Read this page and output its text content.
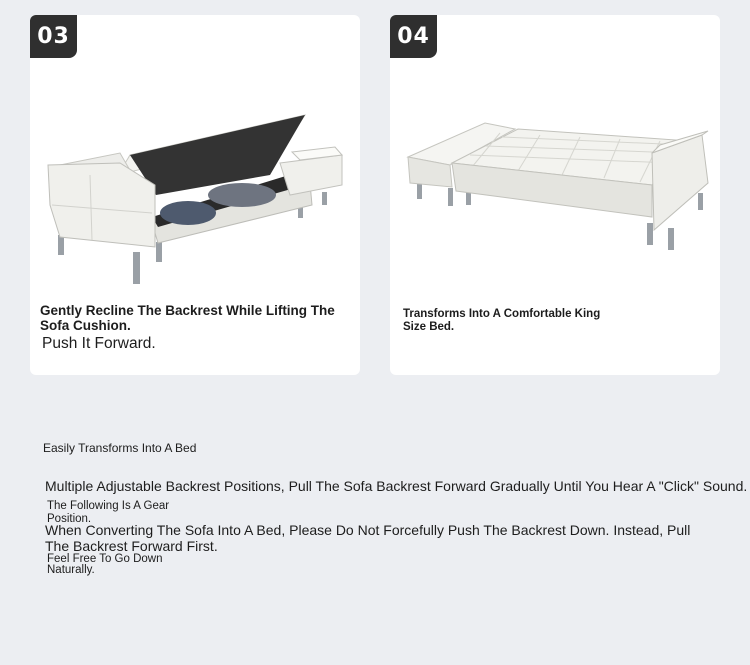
03
Gently Recline The Backrest While Lifting The Sofa Cushion.
Push It Forward.
04
Transforms Into A Comfortable King Size Bed.
Easily Transforms Into A Bed
Multiple Adjustable Backrest Positions, Pull The Sofa Backrest Forward Gradually Until You Hear A "Click" Sound.
The Following Is A Gear Position.
When Converting The Sofa Into A Bed, Please Do Not Forcefully Push The Backrest Down. Instead, Pull The Backrest Forward First.
Feel Free To Go Down Naturally.
